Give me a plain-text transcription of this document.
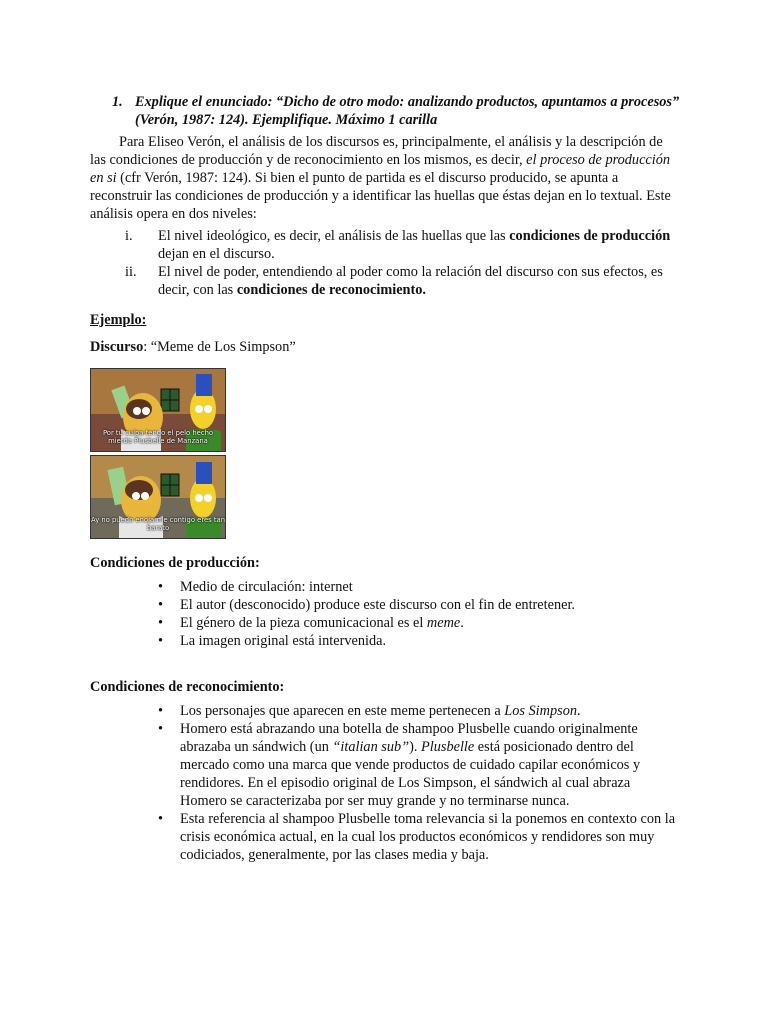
1. Explique el enunciado: “Dicho de otro modo: analizando productos, apuntamos a procesos” (Verón, 1987: 124). Ejemplifique. Máximo 1 carilla

Para Eliseo Verón, el análisis de los discursos es, principalmente, el análisis y la descripción de las condiciones de producción y de reconocimiento en los mismos, es decir, el proceso de producción en si (cfr Verón, 1987: 124). Si bien el punto de partida es el discurso producido, se apunta a reconstruir las condiciones de producción y a identificar las huellas que éstas dejan en lo textual. Este análisis opera en dos niveles:

i.	El nivel ideológico, es decir, el análisis de las huellas que las condiciones de producción dejan en el discurso.
ii.	El nivel de poder, entendiendo al poder como la relación del discurso con sus efectos, es decir, con las condiciones de reconocimiento.

Ejemplo:

Discurso: “Meme de Los Simpson”

Por tu culpa tengo el pelo hecho mierda Plusbelle de Manzana
Ay no puedo enojarme contigo eres tan barato

Condiciones de producción:

•	Medio de circulación: internet
•	El autor (desconocido) produce este discurso con el fin de entretener.
•	El género de la pieza comunicacional es el meme.
•	La imagen original está intervenida.

Condiciones de reconocimiento:

•	Los personajes que aparecen en este meme pertenecen a Los Simpson.
•	Homero está abrazando una botella de shampoo Plusbelle cuando originalmente abrazaba un sándwich (un “italian sub”). Plusbelle está posicionado dentro del mercado como una marca que vende productos de cuidado capilar económicos y rendidores. En el episodio original de Los Simpson, el sándwich al cual abraza Homero se caracterizaba por ser muy grande y no terminarse nunca.
•	Esta referencia al shampoo Plusbelle toma relevancia si la ponemos en contexto con la crisis económica actual, en la cual los productos económicos y rendidores son muy codiciados, generalmente, por las clases media y baja.
